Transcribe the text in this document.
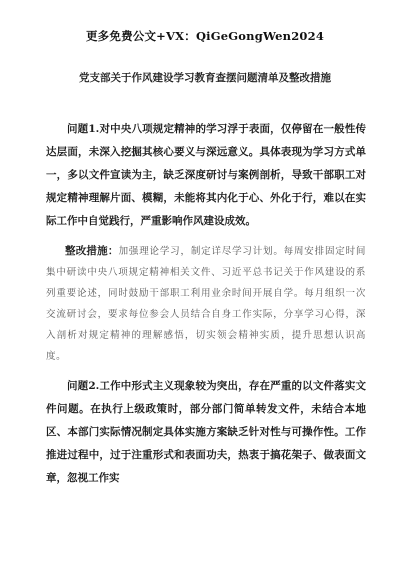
更多免费公文+VX：QiGeGongWen2024
党支部关于作风建设学习教育查摆问题清单及整改措施

问题1.对中央八项规定精神的学习浮于表面，仅停留在一般性传达层面，未深入挖掘其核心要义与深远意义。具体表现为学习方式单一，多以文件宣读为主，缺乏深度研讨与案例剖析，导致干部职工对规定精神理解片面、模糊，未能将其内化于心、外化于行，难以在实际工作中自觉践行，严重影响作风建设成效。

整改措施：加强理论学习，制定详尽学习计划。每周安排固定时间集中研读中央八项规定精神相关文件、习近平总书记关于作风建设的系列重要论述，同时鼓励干部职工利用业余时间开展自学。每月组织一次交流研讨会，要求每位参会人员结合自身工作实际，分享学习心得，深入剖析对规定精神的理解感悟，切实领会精神实质，提升思想认识高度。

问题2.工作中形式主义现象较为突出，存在严重的以文件落实文件问题。在执行上级政策时，部分部门简单转发文件，未结合本地区、本部门实际情况制定具体实施方案缺乏针对性与可操作性。工作推进过程中，过于注重形式和表面功夫，热衷于搞花架子、做表面文章，忽视工作实
